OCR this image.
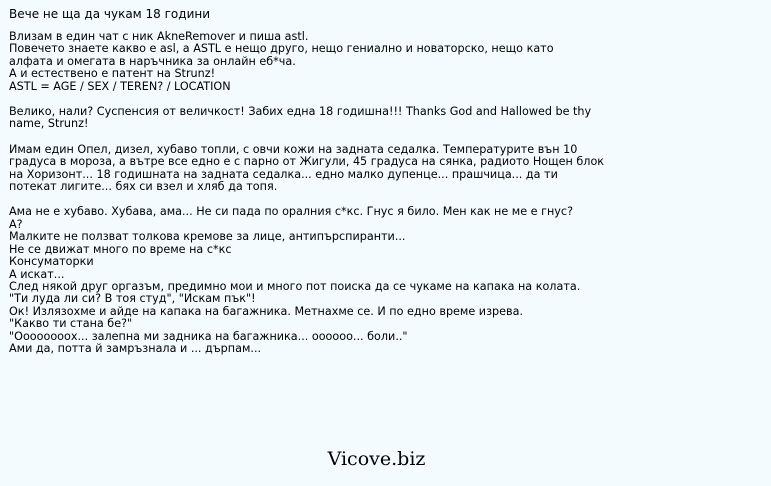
Вече не ща да чукам 18 години
Влизам в един чат с ник AkneRemover и пиша astl.
Повечето знаете какво е asl, а ASTL е нещо друго, нещо гениално и новаторско, нещо като
алфата и омегата в наръчника за онлайн еб*ча.
А и естествено е патент на Strunz!
ASTL = AGE / SEX / TEREN? / LOCATION
Велико, нали? Суспенсия от величкост! Забих една 18 годишна!!! Thanks God and Hallowed be thy
name, Strunz!
Имам един Опел, дизел, хубаво топли, с овчи кожи на задната седалка. Температурите вън 10
градуса в мороза, а вътре все едно е с парно от Жигули, 45 градуса на сянка, радиото Нощен блок
на Хоризонт... 18 годишната на задната седалка... едно малко дупенце... прашчица... да ти
потекат лигите... бях си взел и хляб да топя.
Ама не е хубаво. Хубава, ама... Не си пада по оралния с*кс. Гнус я било. Мен как не ме е гнус?
А?
Малките не ползват толкова кремове за лице, антипърспиранти...
Не се движат много по време на с*кс
Консуматорки
А искат...
След някой друг оргазъм, предимно мои и много пот поиска да се чукаме на капака на колата.
"Ти луда ли си? В тоя студ", "Искам пък"!
Ок! Излязохме и айде на капака на багажника. Метнахме се. И по едно време изрева.
"Какво ти стана бе?"
"Оооооооох... залепна ми задника на багажника... оооооо... боли.."
Ами да, потта й замръзнала и ... дърпам...
Vicove.biz
